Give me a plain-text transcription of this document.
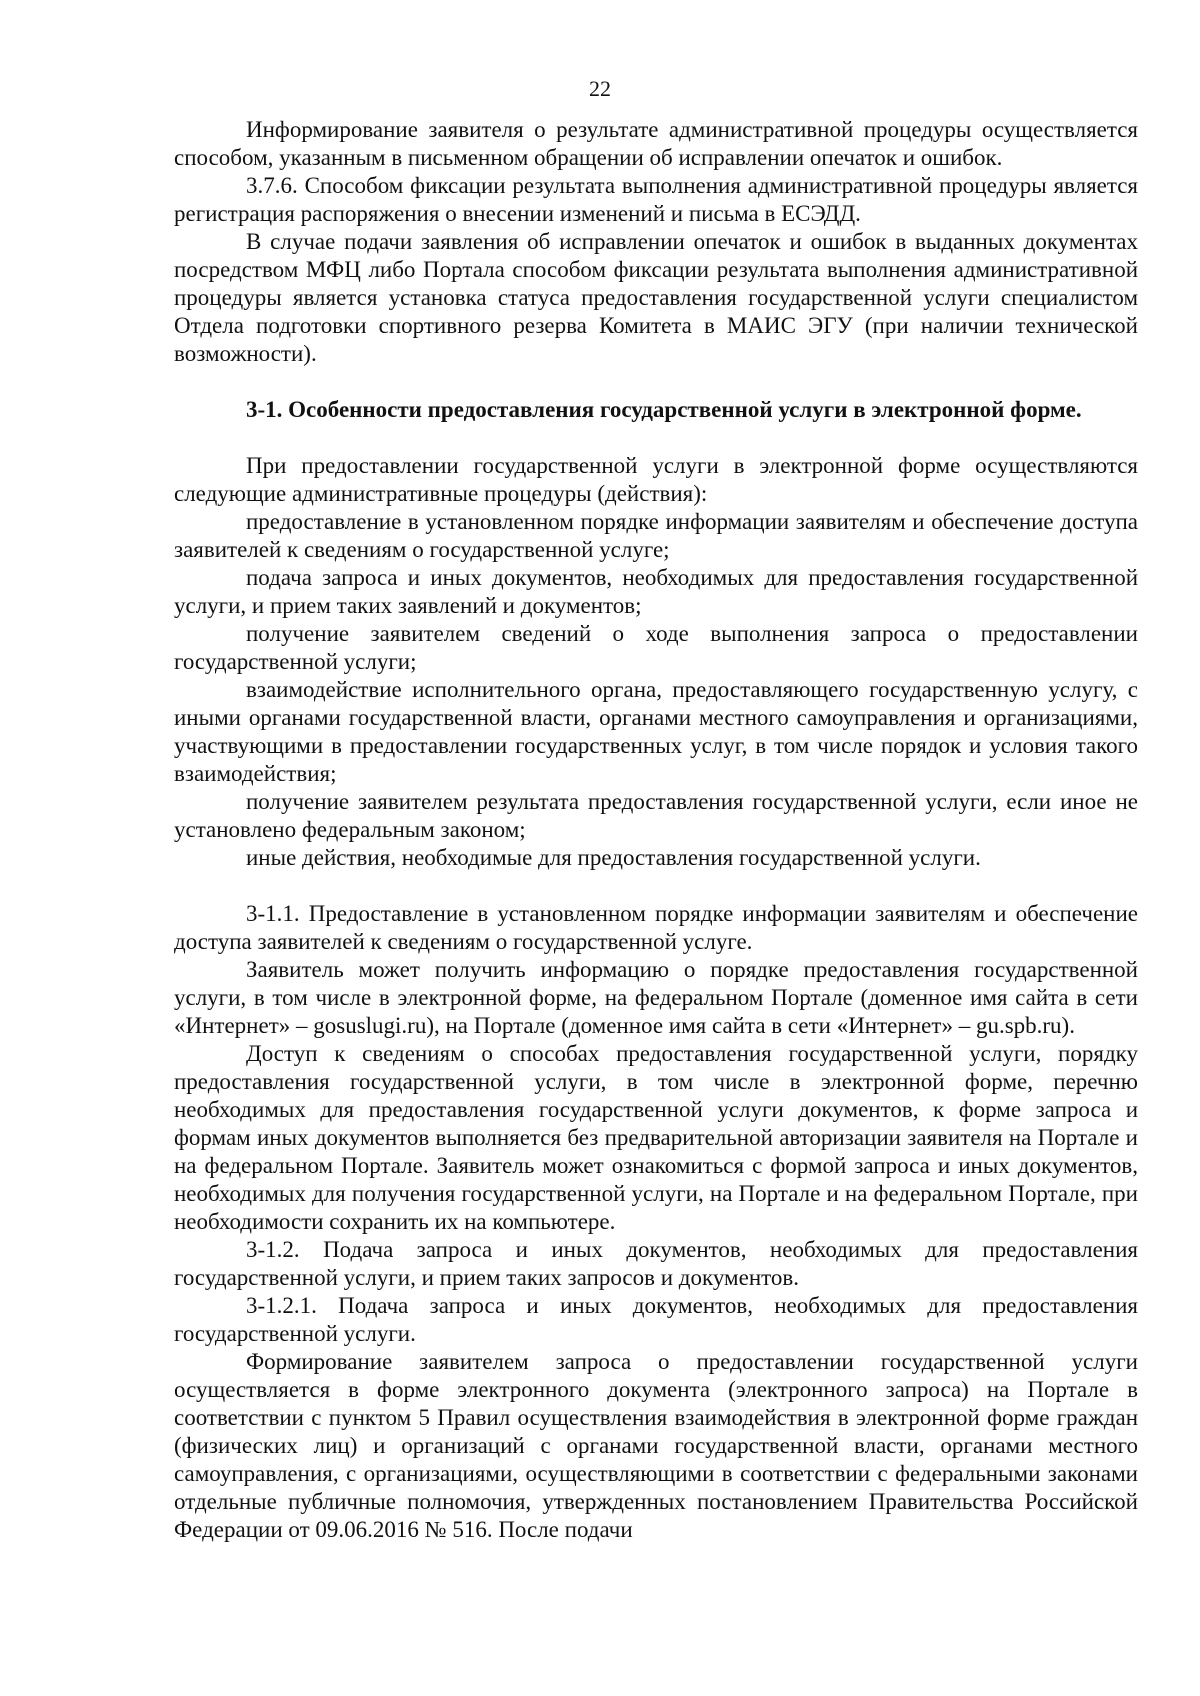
22

Информирование заявителя о результате административной процедуры осуществляется способом, указанным в письменном обращении об исправлении опечаток и ошибок.

3.7.6. Способом фиксации результата выполнения административной процедуры является регистрация распоряжения о внесении изменений и письма в ЕСЭДД.

В случае подачи заявления об исправлении опечаток и ошибок в выданных документах посредством МФЦ либо Портала способом фиксации результата выполнения административной процедуры является установка статуса предоставления государственной услуги специалистом Отдела подготовки спортивного резерва Комитета в МАИС ЭГУ (при наличии технической возможности).

3-1. Особенности предоставления государственной услуги в электронной форме.

При предоставлении государственной услуги в электронной форме осуществляются следующие административные процедуры (действия):

предоставление в установленном порядке информации заявителям и обеспечение доступа заявителей к сведениям о государственной услуге;

подача запроса и иных документов, необходимых для предоставления государственной услуги, и прием таких заявлений и документов;

получение заявителем сведений о ходе выполнения запроса о предоставлении государственной услуги;

взаимодействие исполнительного органа, предоставляющего государственную услугу, с иными органами государственной власти, органами местного самоуправления и организациями, участвующими в предоставлении государственных услуг, в том числе порядок и условия такого взаимодействия;

получение заявителем результата предоставления государственной услуги, если иное не установлено федеральным законом;

иные действия, необходимые для предоставления государственной услуги.

3-1.1. Предоставление в установленном порядке информации заявителям и обеспечение доступа заявителей к сведениям о государственной услуге.

Заявитель может получить информацию о порядке предоставления государственной услуги, в том числе в электронной форме, на федеральном Портале (доменное имя сайта в сети «Интернет» – gosuslugi.ru), на Портале (доменное имя сайта в сети «Интернет» – gu.spb.ru).

Доступ к сведениям о способах предоставления государственной услуги, порядку предоставления государственной услуги, в том числе в электронной форме, перечню необходимых для предоставления государственной услуги документов, к форме запроса и формам иных документов выполняется без предварительной авторизации заявителя на Портале и на федеральном Портале. Заявитель может ознакомиться с формой запроса и иных документов, необходимых для получения государственной услуги, на Портале и на федеральном Портале, при необходимости сохранить их на компьютере.

3-1.2. Подача запроса и иных документов, необходимых для предоставления государственной услуги, и прием таких запросов и документов.

3-1.2.1. Подача запроса и иных документов, необходимых для предоставления государственной услуги.

Формирование заявителем запроса о предоставлении государственной услуги осуществляется в форме электронного документа (электронного запроса) на Портале в соответствии с пунктом 5 Правил осуществления взаимодействия в электронной форме граждан (физических лиц) и организаций с органами государственной власти, органами местного самоуправления, с организациями, осуществляющими в соответствии с федеральными законами отдельные публичные полномочия, утвержденных постановлением Правительства Российской Федерации от 09.06.2016 № 516. После подачи
